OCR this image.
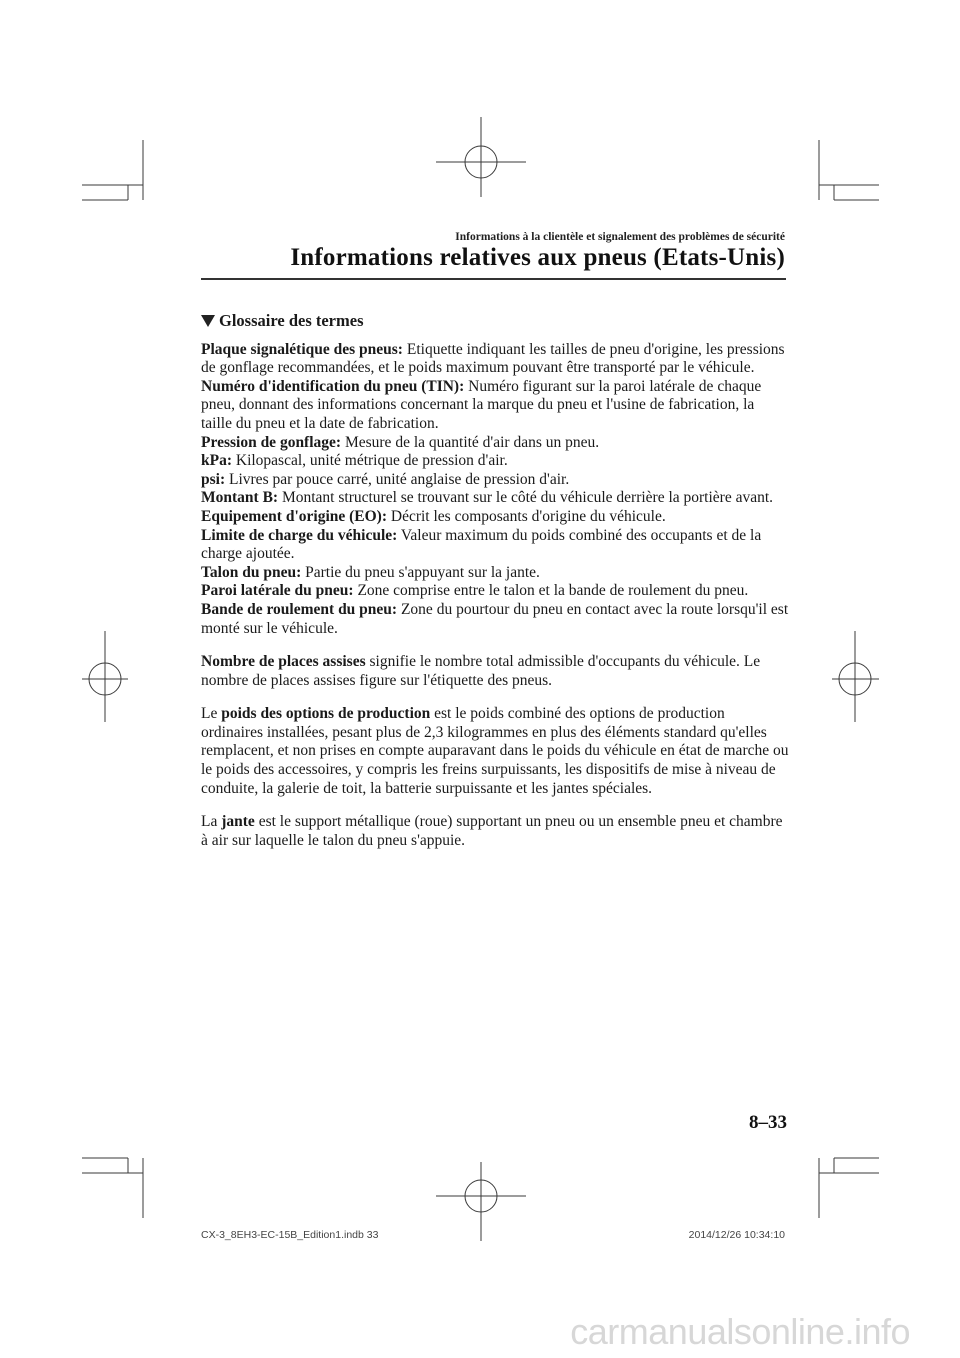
Informations à la clientèle et signalement des problèmes de sécurité
Informations relatives aux pneus (Etats-Unis)
Glossaire des termes

Plaque signalétique des pneus: Etiquette indiquant les tailles de pneu d'origine, les pressions de gonflage recommandées, et le poids maximum pouvant être transporté par le véhicule.

Numéro d'identification du pneu (TIN): Numéro figurant sur la paroi latérale de chaque pneu, donnant des informations concernant la marque du pneu et l'usine de fabrication, la taille du pneu et la date de fabrication.

Pression de gonflage: Mesure de la quantité d'air dans un pneu.

kPa: Kilopascal, unité métrique de pression d'air.

psi: Livres par pouce carré, unité anglaise de pression d'air.

Montant B: Montant structurel se trouvant sur le côté du véhicule derrière la portière avant.

Equipement d'origine (EO): Décrit les composants d'origine du véhicule.

Limite de charge du véhicule: Valeur maximum du poids combiné des occupants et de la charge ajoutée.

Talon du pneu: Partie du pneu s'appuyant sur la jante.

Paroi latérale du pneu: Zone comprise entre le talon et la bande de roulement du pneu.

Bande de roulement du pneu: Zone du pourtour du pneu en contact avec la route lorsqu'il est monté sur le véhicule.

Nombre de places assises signifie le nombre total admissible d'occupants du véhicule. Le nombre de places assises figure sur l'étiquette des pneus.

Le poids des options de production est le poids combiné des options de production ordinaires installées, pesant plus de 2,3 kilogrammes en plus des éléments standard qu'elles remplacent, et non prises en compte auparavant dans le poids du véhicule en état de marche ou le poids des accessoires, y compris les freins surpuissants, les dispositifs de mise à niveau de conduite, la galerie de toit, la batterie surpuissante et les jantes spéciales.

La jante est le support métallique (roue) supportant un pneu ou un ensemble pneu et chambre à air sur laquelle le talon du pneu s'appuie.

8–33
CX-3_8EH3-EC-15B_Edition1.indb 33	2014/12/26 10:34:10
carmanualsonline.info
